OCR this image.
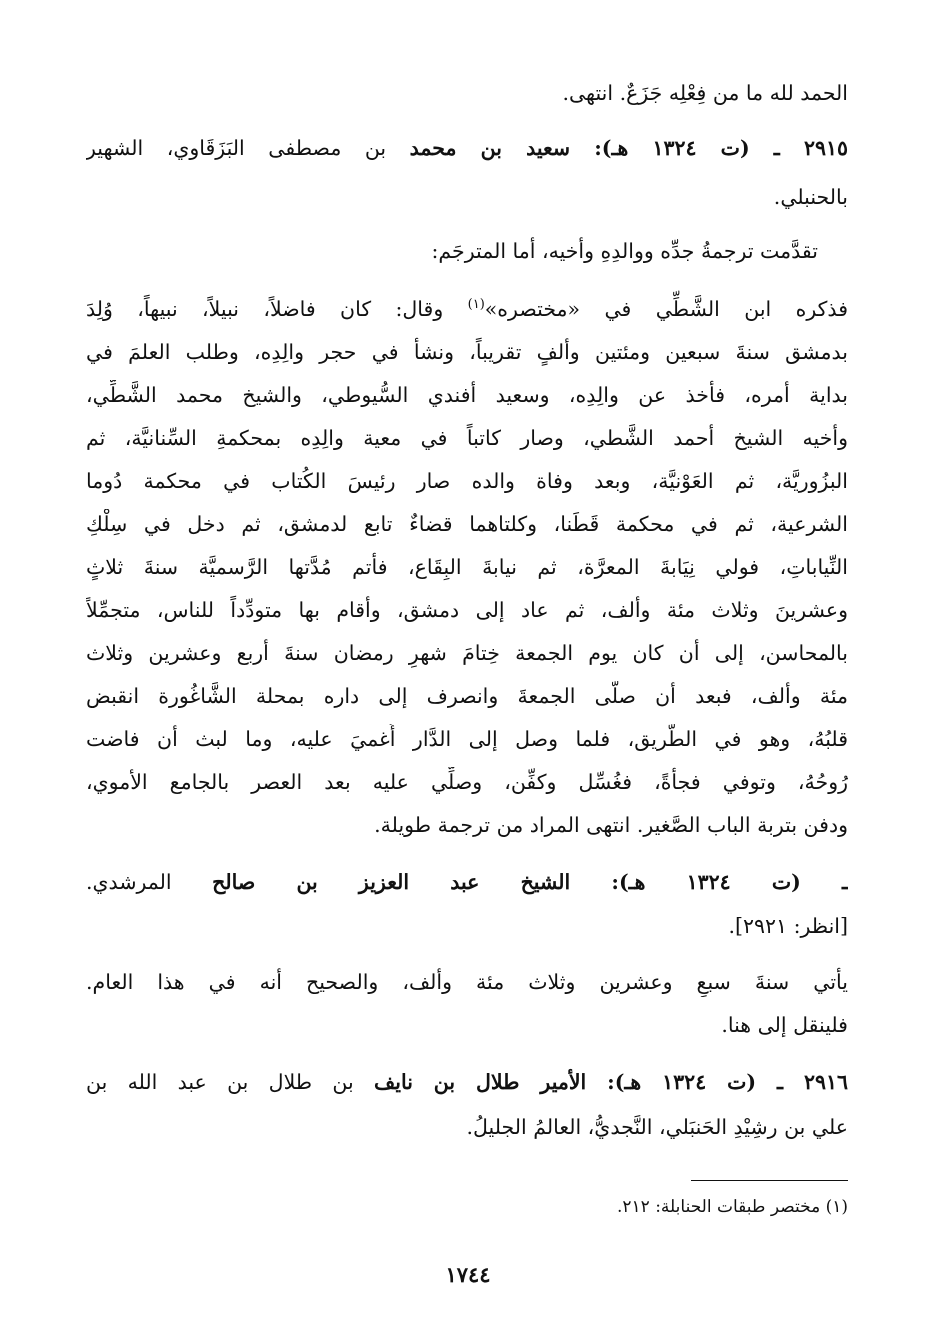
الحمد لله ما من فِعْلِه جَزَعٌ. انتهى.
٢٩١٥ ـ (ت ١٣٢٤ هـ): سعيد بن محمد بن مصطفى البَزَقَاوي، الشهير
بالحنبلي.
تقدَّمت ترجمةُ جدِّه ووالدِهِ وأخيه، أما المترجَم:
فذكره ابن الشَّطِّي في «مختصره»$^{(١)}$ وقال: كان فاضلاً، نبيلاً، نبيهاً، وُلِدَ
بدمشق سنةَ سبعين ومئتين وألفٍ تقريباً، ونشأ في حجر والِدِه، وطلب العلمَ في
بداية أمره، فأخذ عن والِدِه، وسعيد أفندي السُّيوطي، والشيخ محمد الشَّطِّي،
وأخيه الشيخ أحمد الشَّطي، وصار كاتباً في معية والِدِه بمحكمةِ السِّنانيَّة، ثم
البزُوريَّة، ثم العَوْنيَّة، وبعد وفاة والده صار رئيسَ الكُتاب في محكمة دُوما
الشرعية، ثم في محكمة قَطَنا، وكلتاهما قضاءٌ تابع لدمشق، ثم دخل في سِلْكِ
النِّياباتِ، فولي نِيَابةَ المعرَّة، ثم نيابةَ البِقَاع، فأتم مُدَّتها الرَّسميَّة سنةَ ثلاثٍ
وعشرينَ وثلاث مئة وألف، ثم عاد إلى دمشق، وأقام بها متودِّداً للناس، متجمِّلاً
بالمحاسن، إلى أن كان يوم الجمعة خِتامَ شهرِ رمضان سنةَ أربع وعشرين وثلاث
مئة وألف، فبعد أن صلَّى الجمعةَ وانصرف إلى داره بمحلة الشَّاغُورة انقبض
قلبُهُ، وهو في الطَّريق، فلما وصل إلى الدَّار أُغميَ عليه، وما لبث أن فاضت
رُوحُهُ، وتوفي فجأةً، فغُسِّل وكفِّن، وصلِّي عليه بعد العصر بالجامع الأموي،
ودفن بتربة الباب الصَّغير. انتهى المراد من ترجمة طويلة.
ـ (ت ١٣٢٤ هـ): الشيخ عبد العزيز بن صالح المرشدي.
[انظر: ٢٩٢١].
يأتي سنةَ سبعٍ وعشرين وثلاث مئة وألف، والصحيح أنه في هذا العام.
فلينقل إلى هنا.
٢٩١٦ ـ (ت ١٣٢٤ هـ): الأمير طلال بن نايف بن طلال بن عبد الله بن
علي بن رشِيْدِ الحَنبَلي، النَّجديُّ، العالمُ الجليلُ.
(١) مختصر طبقات الحنابلة: ٢١٢.
١٧٤٤
